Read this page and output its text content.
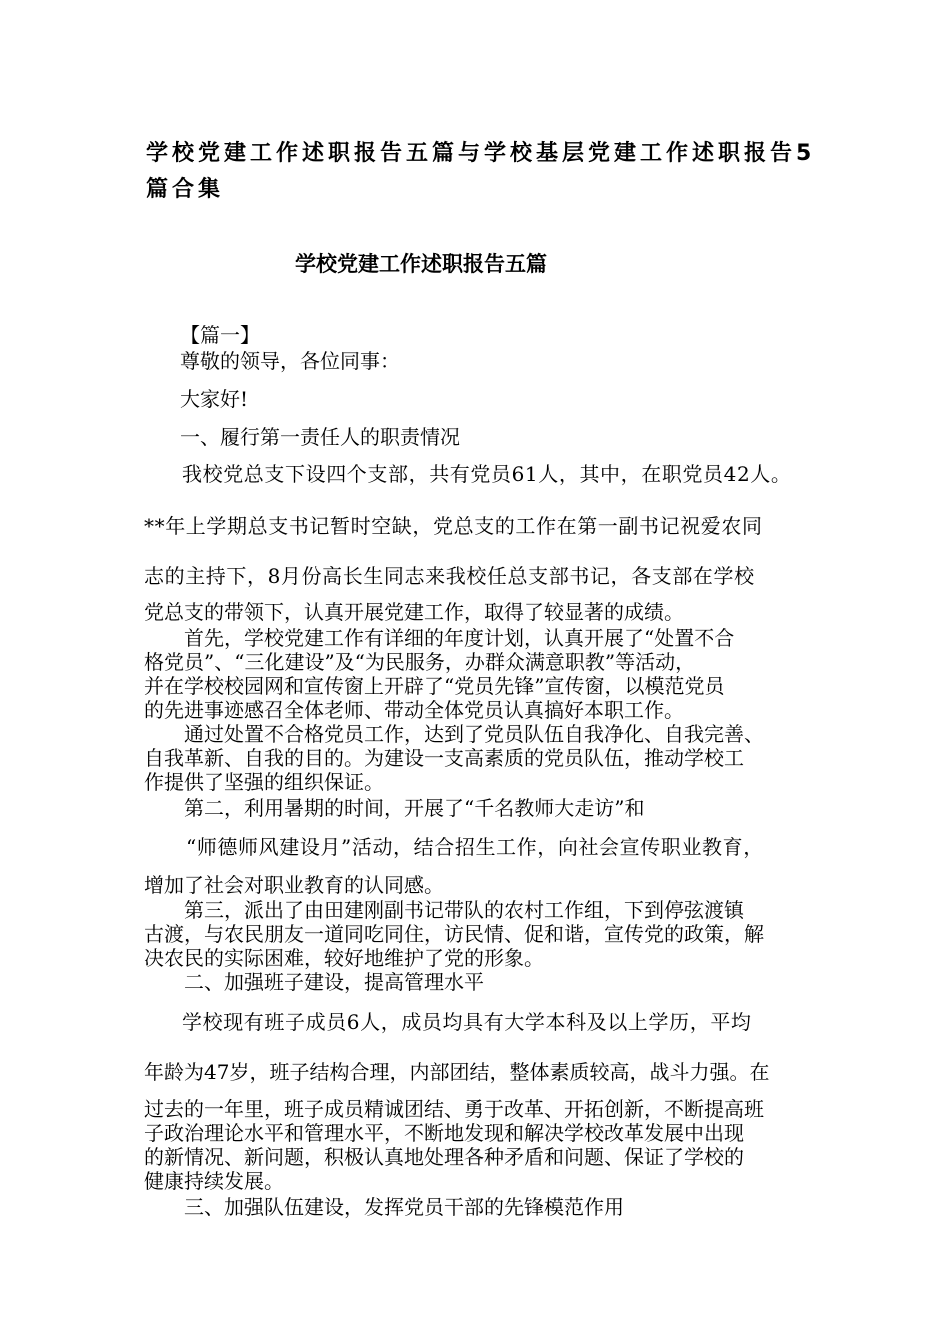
学校党建工作述职报告五篇与学校基层党建工作述职报告5篇合集
学校党建工作述职报告五篇

【篇一】

尊敬的领导，各位同事：

大家好!

一、履行第一责任人的职责情况

我校党总支下设四个支部，共有党员61人，其中，在职党员42人。

**年上学期总支书记暂时空缺，党总支的工作在第一副书记祝爱农同

志的主持下，8月份高长生同志来我校任总支部书记，各支部在学校

党总支的带领下，认真开展党建工作，取得了较显著的成绩。

首先，学校党建工作有详细的年度计划，认真开展了“处置不合

格党员”、“三化建设”及“为民服务，办群众满意职教”等活动，

并在学校校园网和宣传窗上开辟了“党员先锋”宣传窗，以模范党员

的先进事迹感召全体老师、带动全体党员认真搞好本职工作。

通过处置不合格党员工作，达到了党员队伍自我净化、自我完善、

自我革新、自我的目的。为建设一支高素质的党员队伍，推动学校工

作提供了坚强的组织保证。

第二，利用暑期的时间，开展了“千名教师大走访”和

“师德师风建设月”活动，结合招生工作，向社会宣传职业教育，

增加了社会对职业教育的认同感。

第三，派出了由田建刚副书记带队的农村工作组，下到停弦渡镇

古渡，与农民朋友一道同吃同住，访民情、促和谐，宣传党的政策，解

决农民的实际困难，较好地维护了党的形象。

二、加强班子建设，提高管理水平

学校现有班子成员6人，成员均具有大学本科及以上学历，平均

年龄为47岁，班子结构合理，内部团结，整体素质较高，战斗力强。在

过去的一年里，班子成员精诚团结、勇于改革、开拓创新，不断提高班

子政治理论水平和管理水平，不断地发现和解决学校改革发展中出现

的新情况、新问题，积极认真地处理各种矛盾和问题、保证了学校的

健康持续发展。

三、加强队伍建设，发挥党员干部的先锋模范作用
